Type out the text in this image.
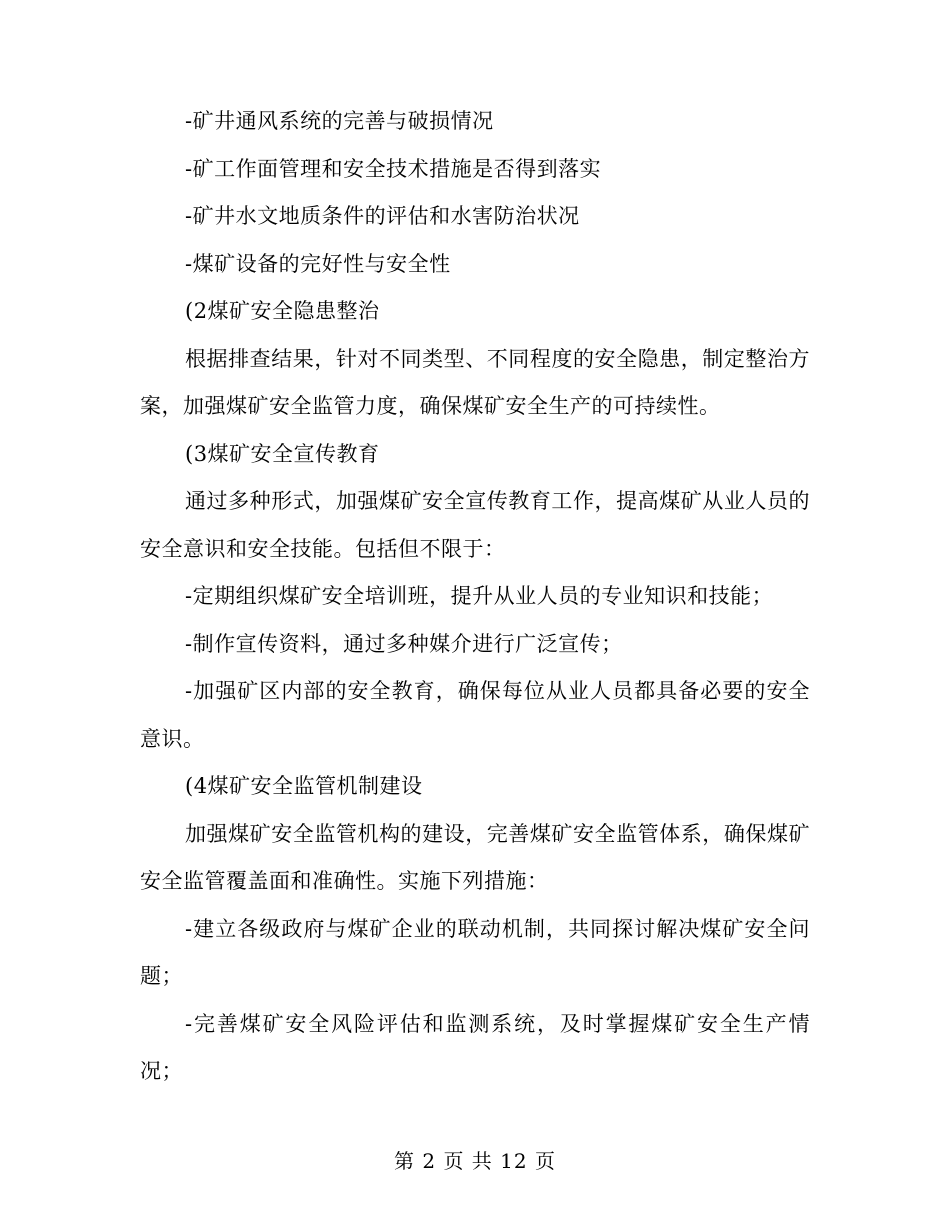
-矿井通风系统的完善与破损情况

-矿工作面管理和安全技术措施是否得到落实

-矿井水文地质条件的评估和水害防治状况

-煤矿设备的完好性与安全性

(2煤矿安全隐患整治

根据排查结果，针对不同类型、不同程度的安全隐患，制定整治方案，加强煤矿安全监管力度，确保煤矿安全生产的可持续性。

(3煤矿安全宣传教育

通过多种形式，加强煤矿安全宣传教育工作，提高煤矿从业人员的安全意识和安全技能。包括但不限于：

-定期组织煤矿安全培训班，提升从业人员的专业知识和技能；

-制作宣传资料，通过多种媒介进行广泛宣传；

-加强矿区内部的安全教育，确保每位从业人员都具备必要的安全意识。

(4煤矿安全监管机制建设

加强煤矿安全监管机构的建设，完善煤矿安全监管体系，确保煤矿安全监管覆盖面和准确性。实施下列措施：

-建立各级政府与煤矿企业的联动机制，共同探讨解决煤矿安全问题；

-完善煤矿安全风险评估和监测系统，及时掌握煤矿安全生产情况；

第 2 页 共 12 页
